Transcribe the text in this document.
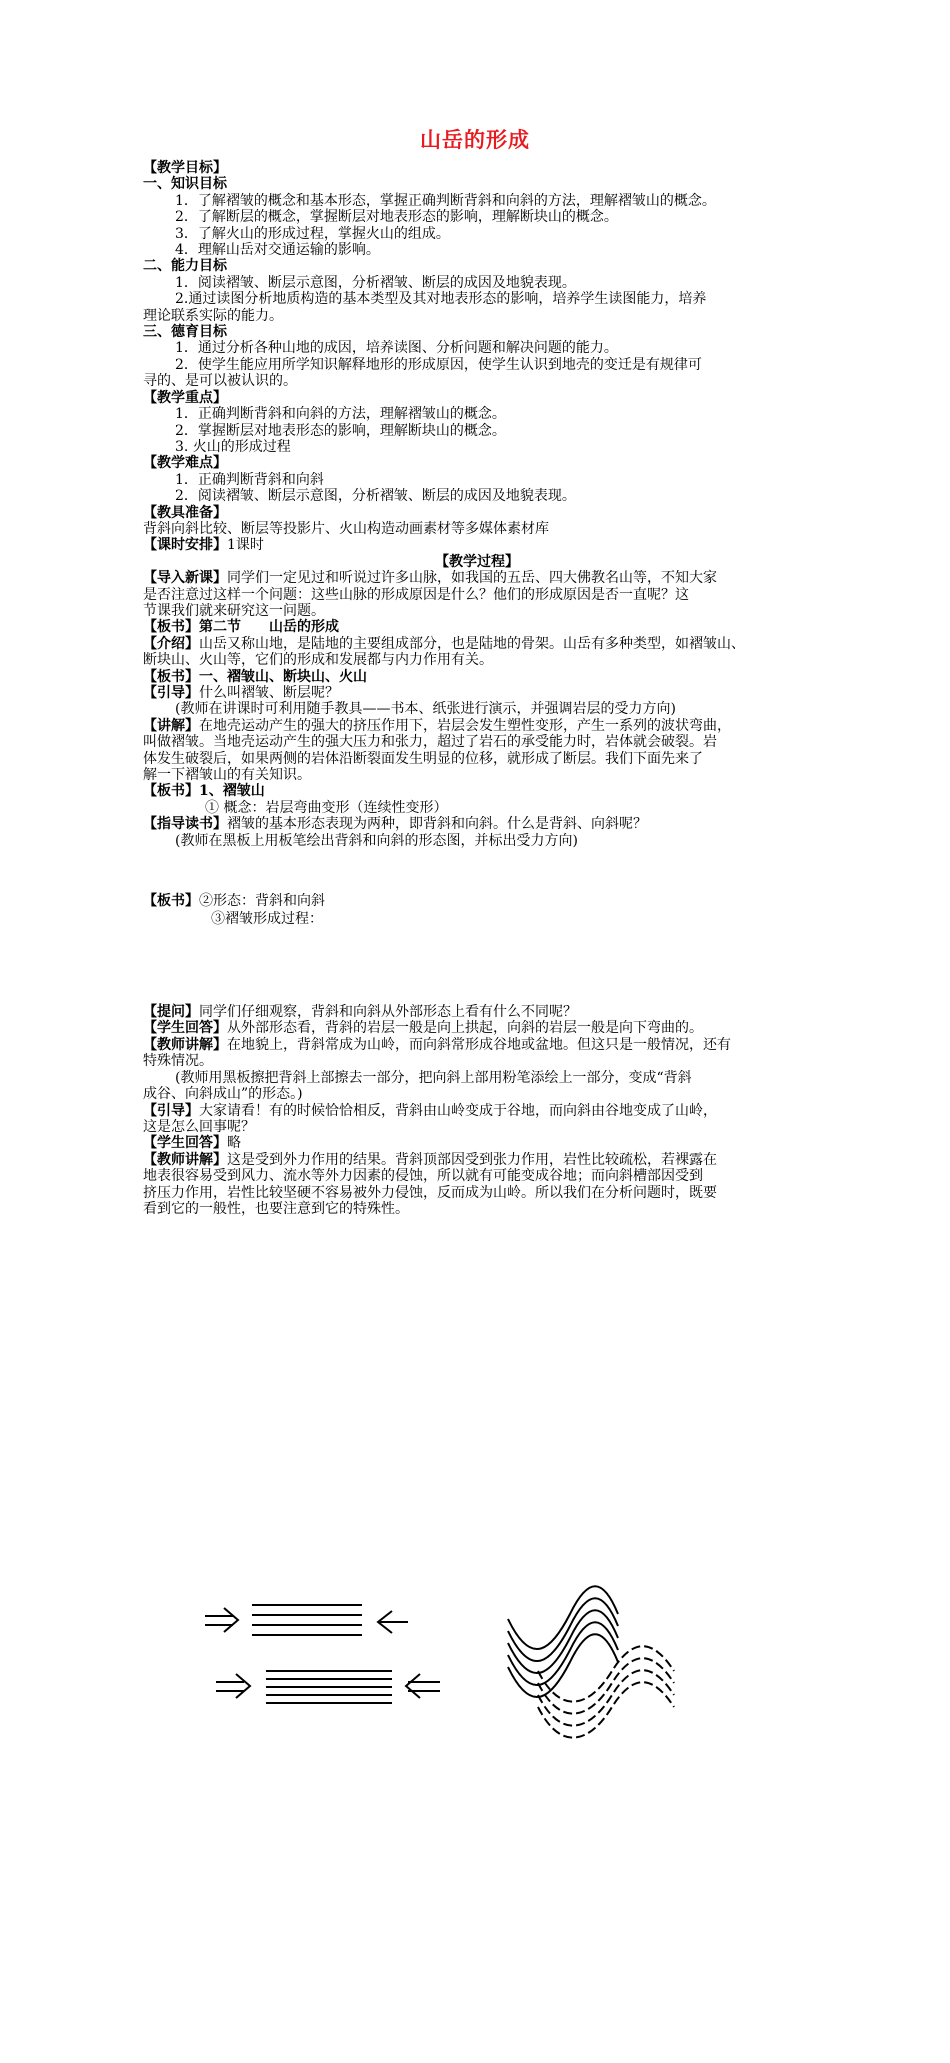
山岳的形成

【教学目标】

一、知识目标

1．了解褶皱的概念和基本形态，掌握正确判断背斜和向斜的方法，理解褶皱山的概念。

2．了解断层的概念，掌握断层对地表形态的影响，理解断块山的概念。

3．了解火山的形成过程，掌握火山的组成。

4．理解山岳对交通运输的影响。

二、能力目标

1．阅读褶皱、断层示意图，分析褶皱、断层的成因及地貌表现。

2.通过读图分析地质构造的基本类型及其对地表形态的影响，培养学生读图能力，培养

理论联系实际的能力。

三、德育目标

1．通过分析各种山地的成因，培养读图、分析问题和解决问题的能力。

2．使学生能应用所学知识解释地形的形成原因，使学生认识到地壳的变迁是有规律可

寻的、是可以被认识的。

【教学重点】

1．正确判断背斜和向斜的方法，理解褶皱山的概念。

2．掌握断层对地表形态的影响，理解断块山的概念。

3. 火山的形成过程

【教学难点】

1．正确判断背斜和向斜

2．阅读褶皱、断层示意图，分析褶皱、断层的成因及地貌表现。

【教具准备】

背斜向斜比较、断层等投影片、火山构造动画素材等多媒体素材库

【课时安排】1课时

【教学过程】

【导入新课】同学们一定见过和听说过许多山脉，如我国的五岳、四大佛教名山等，不知大家

是否注意过这样一个问题：这些山脉的形成原因是什么？他们的形成原因是否一直呢？这

节课我们就来研究这一问题。

【板书】第二节　　山岳的形成

【介绍】山岳又称山地，是陆地的主要组成部分，也是陆地的骨架。山岳有多种类型，如褶皱山、

断块山、火山等，它们的形成和发展都与内力作用有关。

【板书】一、褶皱山、断块山、火山

【引导】什么叫褶皱、断层呢？

(教师在讲课时可利用随手教具——书本、纸张进行演示，并强调岩层的受力方向)

【讲解】在地壳运动产生的强大的挤压作用下，岩层会发生塑性变形，产生一系列的波状弯曲，

叫做褶皱。当地壳运动产生的强大压力和张力，超过了岩石的承受能力时，岩体就会破裂。岩

体发生破裂后，如果两侧的岩体沿断裂面发生明显的位移，就形成了断层。我们下面先来了

解一下褶皱山的有关知识。

【板书】1、褶皱山

① 概念：岩层弯曲变形（连续性变形）

【指导读书】褶皱的基本形态表现为两种，即背斜和向斜。什么是背斜、向斜呢？

(教师在黑板上用板笔绘出背斜和向斜的形态图，并标出受力方向)

【板书】②形态：背斜和向斜
③褶皱形成过程：

【提问】同学们仔细观察，背斜和向斜从外部形态上看有什么不同呢？

【学生回答】从外部形态看，背斜的岩层一般是向上拱起，向斜的岩层一般是向下弯曲的。

【教师讲解】在地貌上，背斜常成为山岭，而向斜常形成谷地或盆地。但这只是一般情况，还有

特殊情况。

(教师用黑板擦把背斜上部擦去一部分，把向斜上部用粉笔添绘上一部分，变成“背斜

成谷、向斜成山”的形态。)

【引导】大家请看！有的时候恰恰相反，背斜由山岭变成于谷地，而向斜由谷地变成了山岭，

这是怎么回事呢？

【学生回答】略

【教师讲解】这是受到外力作用的结果。背斜顶部因受到张力作用，岩性比较疏松，若裸露在

地表很容易受到风力、流水等外力因素的侵蚀，所以就有可能变成谷地；而向斜槽部因受到

挤压力作用，岩性比较坚硬不容易被外力侵蚀，反而成为山岭。所以我们在分析问题时，既要

看到它的一般性，也要注意到它的特殊性。
